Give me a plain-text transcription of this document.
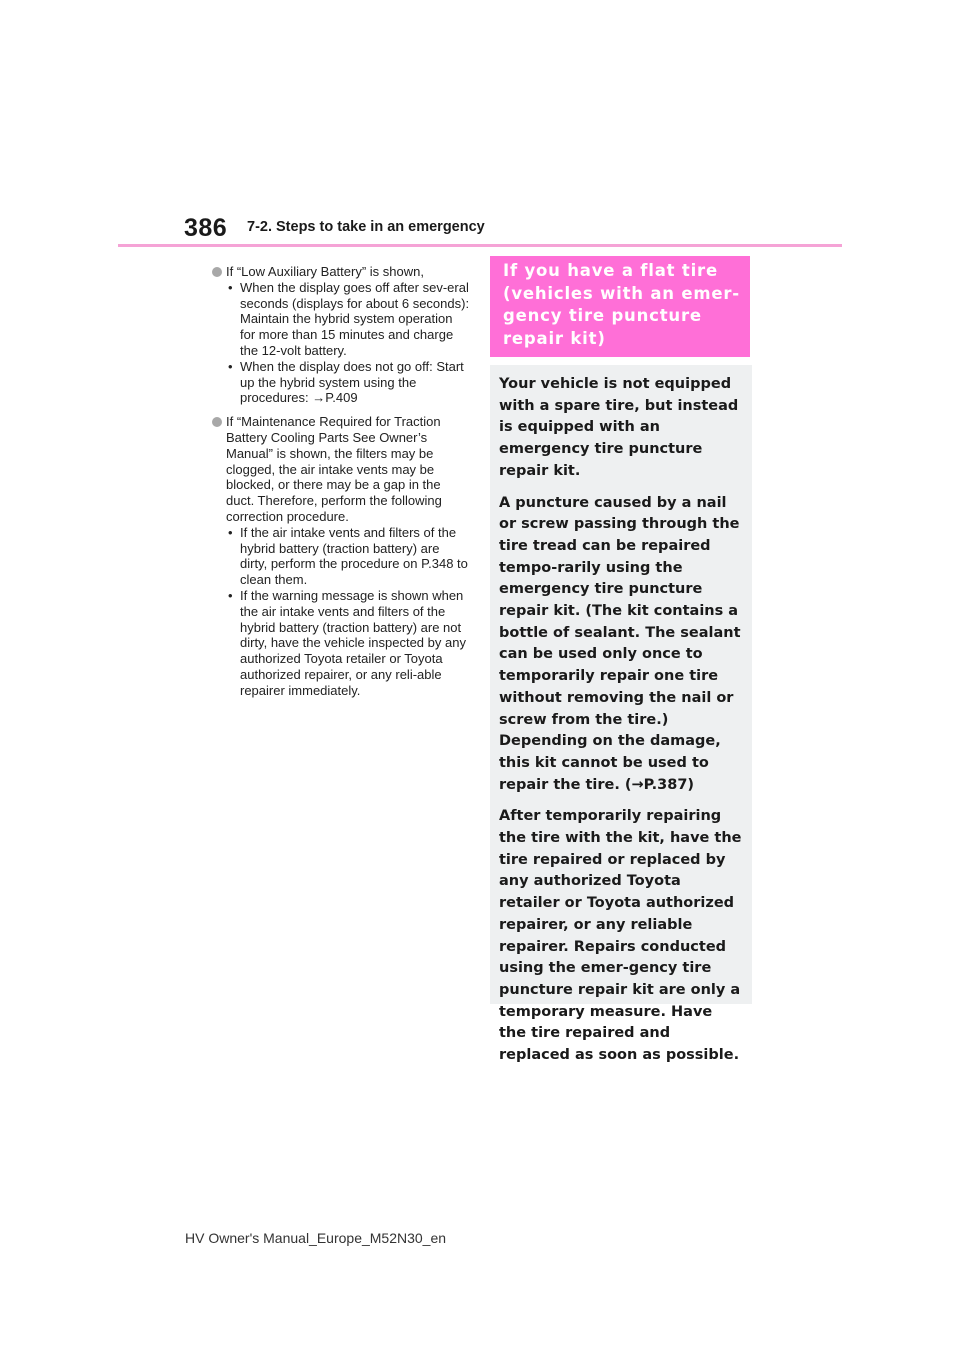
386 7-2. Steps to take in an emergency
If “Low Auxiliary Battery” is shown,
• When the display goes off after sev-eral seconds (displays for about 6 seconds): Maintain the hybrid system operation for more than 15 minutes and charge the 12-volt battery.
• When the display does not go off: Start up the hybrid system using the procedures: →P.409
If “Maintenance Required for Traction Battery Cooling Parts See Owner’s Manual” is shown, the filters may be clogged, the air intake vents may be blocked, or there may be a gap in the duct. Therefore, perform the following correction procedure.
• If the air intake vents and filters of the hybrid battery (traction battery) are dirty, perform the procedure on P.348 to clean them.
• If the warning message is shown when the air intake vents and filters of the hybrid battery (traction battery) are not dirty, have the vehicle inspected by any authorized Toyota retailer or Toyota authorized repairer, or any reli-able repairer immediately.

If you have a flat tire (vehicles with an emer-gency tire puncture repair kit)

Your vehicle is not equipped with a spare tire, but instead is equipped with an emergency tire puncture repair kit.

A puncture caused by a nail or screw passing through the tire tread can be repaired tempo-rarily using the emergency tire puncture repair kit. (The kit contains a bottle of sealant. The sealant can be used only once to temporarily repair one tire without removing the nail or screw from the tire.) Depending on the damage, this kit cannot be used to repair the tire. (→P.387)

After temporarily repairing the tire with the kit, have the tire repaired or replaced by any authorized Toyota retailer or Toyota authorized repairer, or any reliable repairer. Repairs conducted using the emer-gency tire puncture repair kit are only a temporary measure. Have the tire repaired and replaced as soon as possible.

HV Owner's Manual_Europe_M52N30_en
